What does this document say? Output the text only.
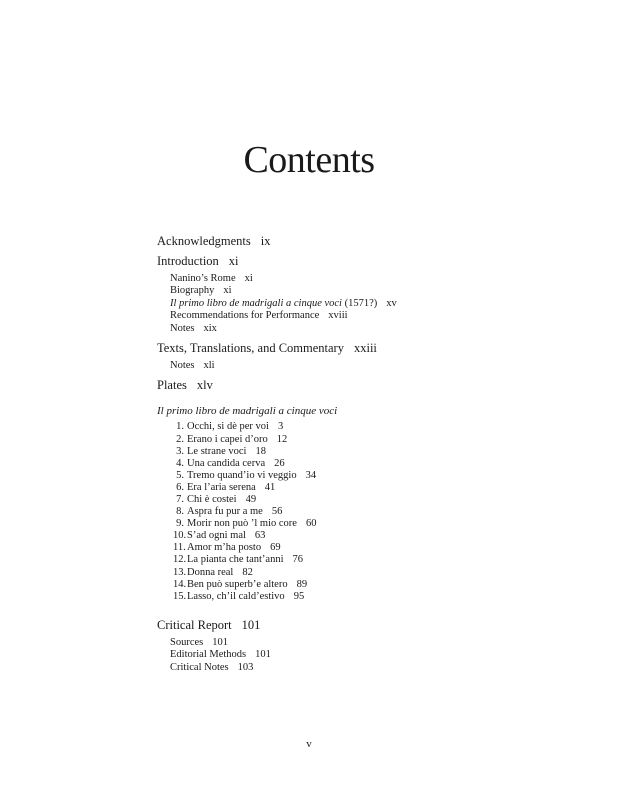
Contents
Acknowledgments ix
Introduction xi
Nanino’s Rome xi
Biography xi
Il primo libro de madrigali a cinque voci (1571?) xv
Recommendations for Performance xviii
Notes xix
Texts, Translations, and Commentary xxiii
Notes xli
Plates xlv
Il primo libro de madrigali a cinque voci
1. Occhi, si dè per voi 3
2. Erano i capei d’oro 12
3. Le strane voci 18
4. Una candida cerva 26
5. Tremo quand’io vi veggio 34
6. Era l’aria serena 41
7. Chi è costei 49
8. Aspra fu pur a me 56
9. Morir non può ’l mio core 60
10.S’ad ogni mal 63
11.Amor m’ha posto 69
12.La pianta che tant’anni 76
13.Donna real 82
14.Ben può superb’e altero 89
15.Lasso, ch’il cald’estivo 95
Critical Report 101
Sources 101
Editorial Methods 101
Critical Notes 103
v
